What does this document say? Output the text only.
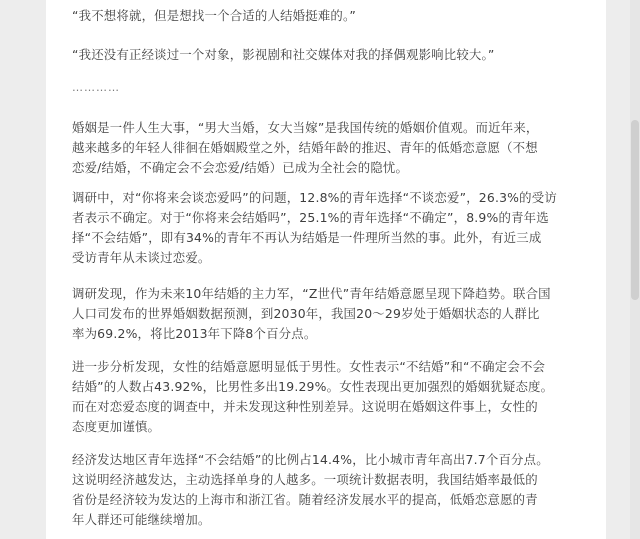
“我不想将就，但是想找一个合适的人结婚挺难的。”

“我还没有正经谈过一个对象，影视剧和社交媒体对我的择偶观影响比较大。”

…………

婚姻是一件人生大事，“男大当婚，女大当嫁”是我国传统的婚姻价值观。而近年来，
越来越多的年轻人徘徊在婚姻殿堂之外，结婚年龄的推迟、青年的低婚恋意愿（不想
恋爱/结婚，不确定会不会恋爱/结婚）已成为全社会的隐忧。

调研中，对“你将来会谈恋爱吗”的问题，12.8%的青年选择“不谈恋爱”，26.3%的受访
者表示不确定。对于“你将来会结婚吗”，25.1%的青年选择“不确定”，8.9%的青年选
择“不会结婚”，即有34%的青年不再认为结婚是一件理所当然的事。此外，有近三成
受访青年从未谈过恋爱。

调研发现，作为未来10年结婚的主力军，“Z世代”青年结婚意愿呈现下降趋势。联合国
人口司发布的世界婚姻数据预测，到2030年，我国20～29岁处于婚姻状态的人群比
率为69.2%，将比2013年下降8个百分点。

进一步分析发现，女性的结婚意愿明显低于男性。女性表示“不结婚”和“不确定会不会
结婚”的人数占43.92%，比男性多出19.29%。女性表现出更加强烈的婚姻犹疑态度。
而在对恋爱态度的调查中，并未发现这种性别差异。这说明在婚姻这件事上，女性的
态度更加谨慎。

经济发达地区青年选择“不会结婚”的比例占14.4%，比小城市青年高出7.7个百分点。
这说明经济越发达，主动选择单身的人越多。一项统计数据表明，我国结婚率最低的
省份是经济较为发达的上海市和浙江省。随着经济发展水平的提高，低婚恋意愿的青
年人群还可能继续增加。
